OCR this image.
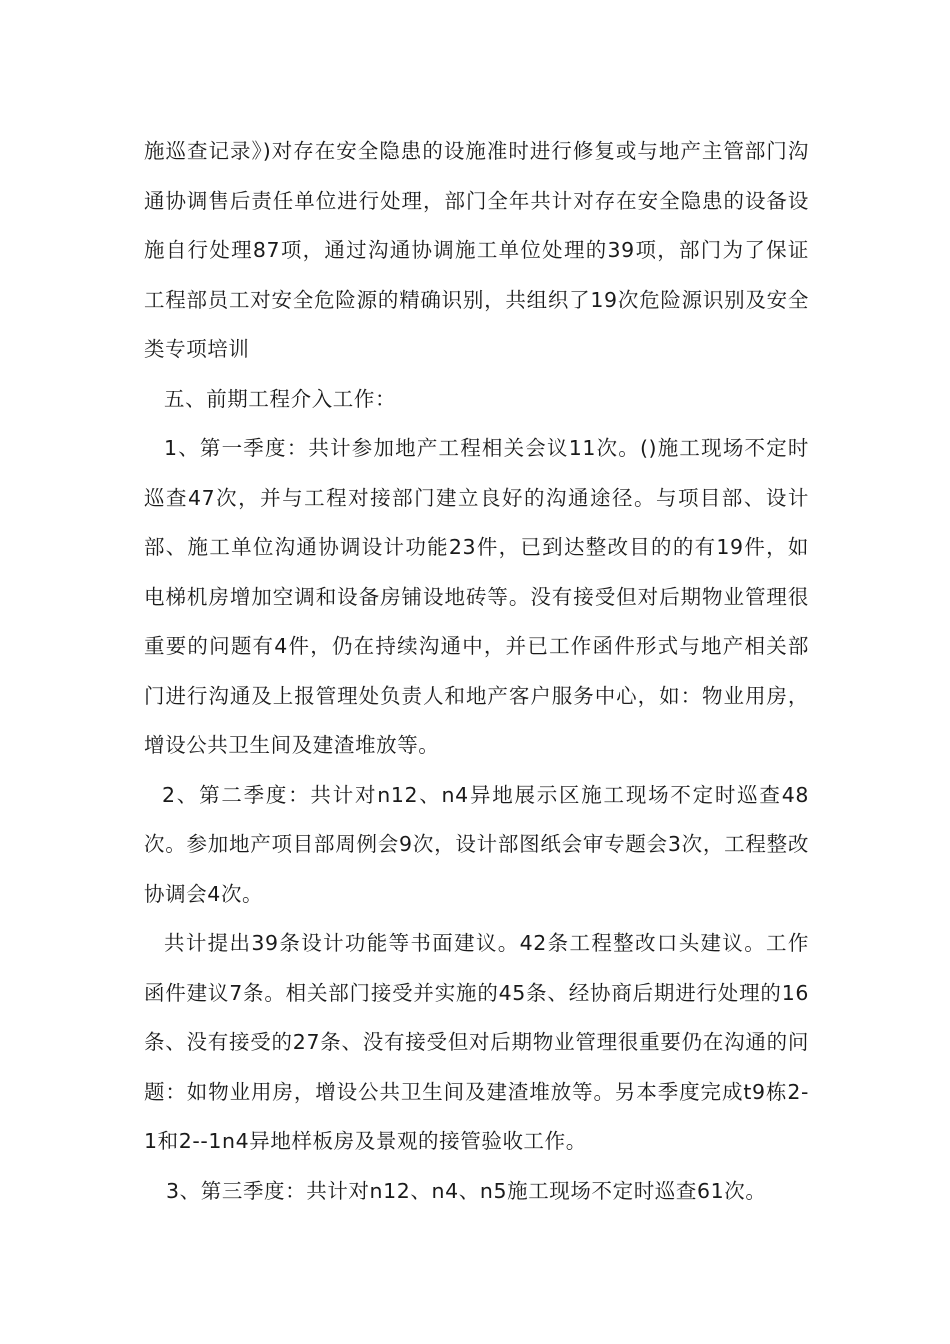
施巡查记录》)对存在安全隐患的设施准时进行修复或与地产主管部门沟通协调售后责任单位进行处理，部门全年共计对存在安全隐患的设备设施自行处理87项，通过沟通协调施工单位处理的39项，部门为了保证工程部员工对安全危险源的精确识别，共组织了19次危险源识别及安全类专项培训

五、前期工程介入工作：

1、第一季度：共计参加地产工程相关会议11次。()施工现场不定时巡查47次，并与工程对接部门建立良好的沟通途径。与项目部、设计部、施工单位沟通协调设计功能23件，已到达整改目的的有19件，如电梯机房增加空调和设备房铺设地砖等。没有接受但对后期物业管理很重要的问题有4件，仍在持续沟通中，并已工作函件形式与地产相关部门进行沟通及上报管理处负责人和地产客户服务中心，如：物业用房，增设公共卫生间及建渣堆放等。

2、第二季度：共计对n12、n4异地展示区施工现场不定时巡查48次。参加地产项目部周例会9次，设计部图纸会审专题会3次，工程整改协调会4次。

共计提出39条设计功能等书面建议。42条工程整改口头建议。工作函件建议7条。相关部门接受并实施的45条、经协商后期进行处理的16条、没有接受的27条、没有接受但对后期物业管理很重要仍在沟通的问题：如物业用房，增设公共卫生间及建渣堆放等。另本季度完成t9栋2-1和2--1n4异地样板房及景观的接管验收工作。

3、第三季度：共计对n12、n4、n5施工现场不定时巡查61次。
